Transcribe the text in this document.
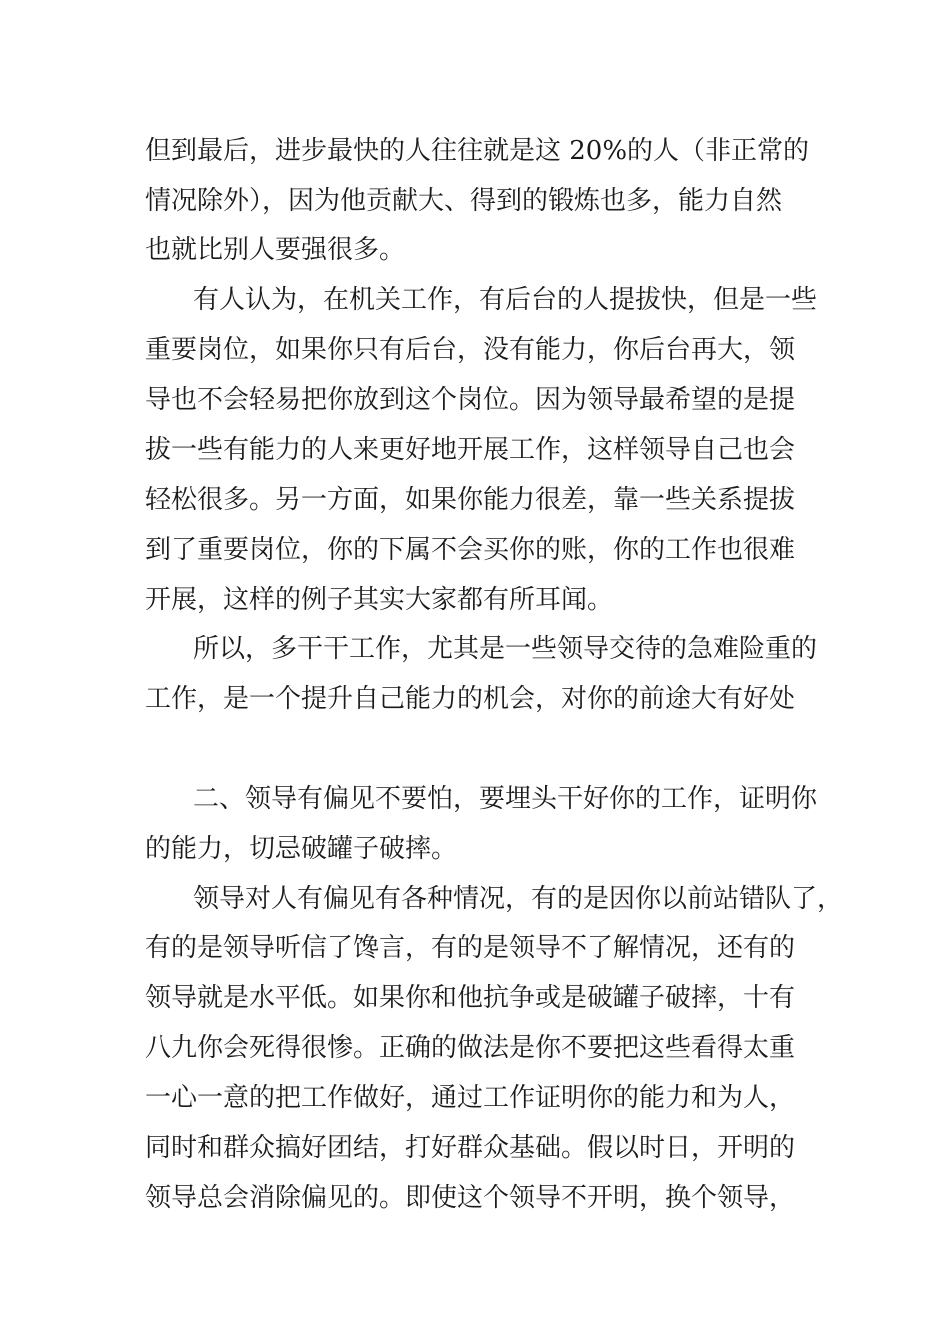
但到最后，进步最快的人往往就是这 20%的人（非正常的
情况除外），因为他贡献大、得到的锻炼也多，能力自然
也就比别人要强很多。
有人认为，在机关工作，有后台的人提拔快，但是一些
重要岗位，如果你只有后台，没有能力，你后台再大，领
导也不会轻易把你放到这个岗位。因为领导最希望的是提
拔一些有能力的人来更好地开展工作，这样领导自己也会
轻松很多。另一方面，如果你能力很差，靠一些关系提拔
到了重要岗位，你的下属不会买你的账，你的工作也很难
开展，这样的例子其实大家都有所耳闻。
所以，多干干工作，尤其是一些领导交待的急难险重的
工作，是一个提升自己能力的机会，对你的前途大有好处
二、领导有偏见不要怕，要埋头干好你的工作，证明你
的能力，切忌破罐子破摔。
领导对人有偏见有各种情况，有的是因你以前站错队了，
有的是领导听信了馋言，有的是领导不了解情况，还有的
领导就是水平低。如果你和他抗争或是破罐子破摔，十有
八九你会死得很惨。正确的做法是你不要把这些看得太重
一心一意的把工作做好，通过工作证明你的能力和为人，
同时和群众搞好团结，打好群众基础。假以时日，开明的
领导总会消除偏见的。即使这个领导不开明，换个领导，
